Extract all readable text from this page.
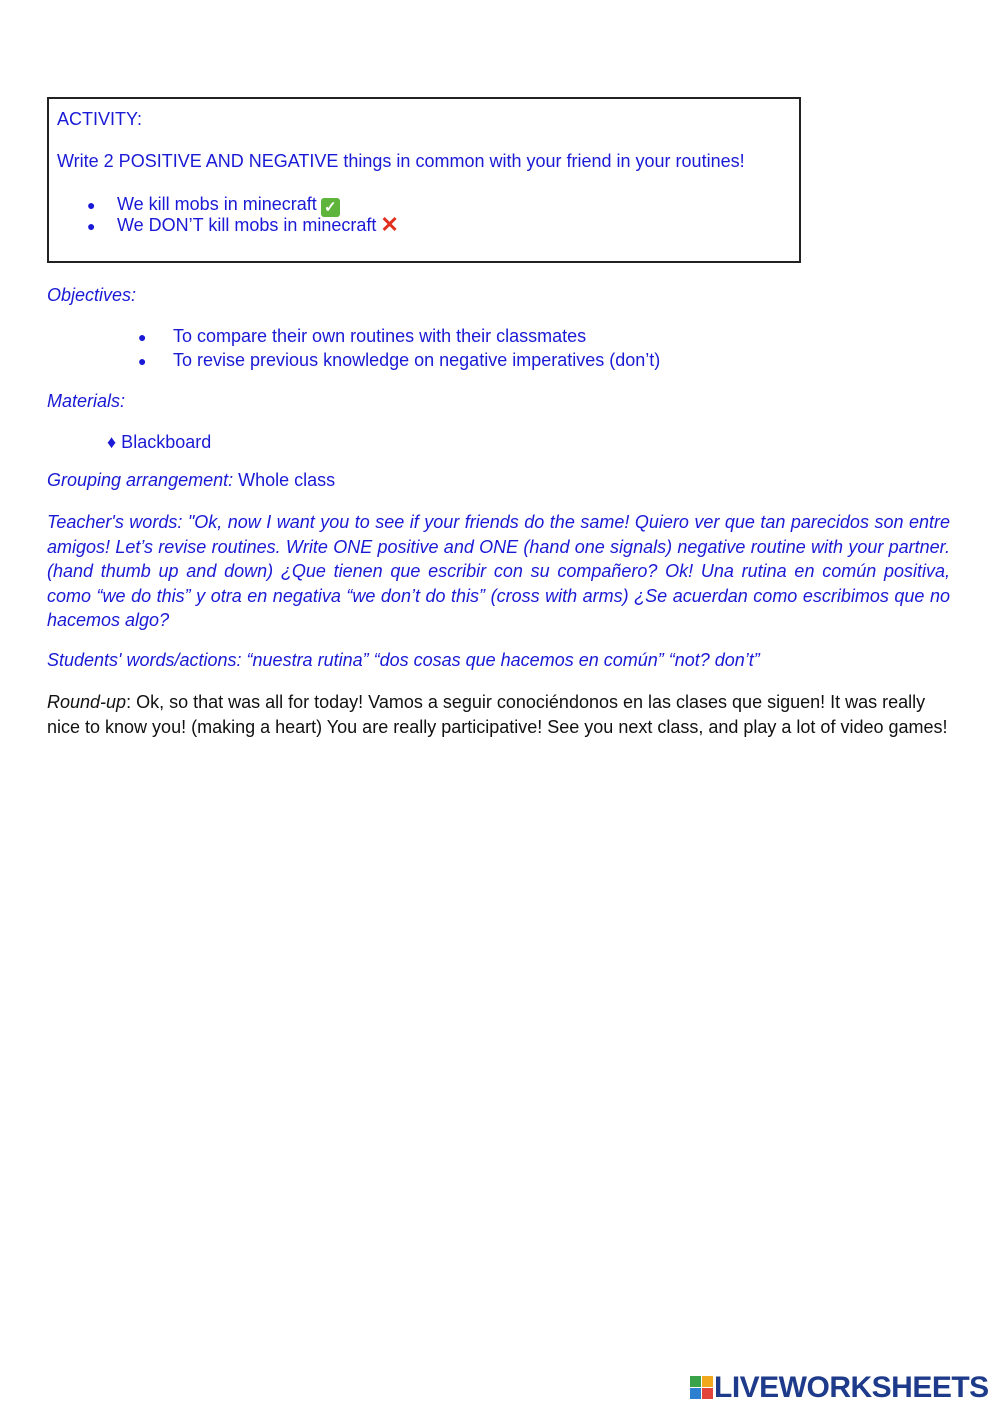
ACTIVITY:
Write 2 POSITIVE AND NEGATIVE things in common with your friend in your routines!
● We kill mobs in minecraft ✓
● We DON’T kill mobs in minecraft ✕
Objectives:
● To compare their own routines with their classmates
● To revise previous knowledge on negative imperatives (don’t)
Materials:
♦ Blackboard
Grouping arrangement: Whole class
Teacher's words: "Ok, now I want you to see if your friends do the same! Quiero ver que tan parecidos son entre amigos! Let’s revise routines. Write ONE positive and ONE (hand one signals) negative routine with your partner. (hand thumb up and down) ¿Que tienen que escribir con su compañero? Ok! Una rutina en común positiva, como “we do this” y otra en negativa “we don’t do this” (cross with arms) ¿Se acuerdan como escribimos que no hacemos algo?
Students' words/actions: “nuestra rutina” “dos cosas que hacemos en común” “not? don’t”
Round-up: Ok, so that was all for today! Vamos a seguir conociéndonos en las clases que siguen! It was really nice to know you! (making a heart) You are really participative! See you next class, and play a lot of video games!
LIVEWORKSHEETS
